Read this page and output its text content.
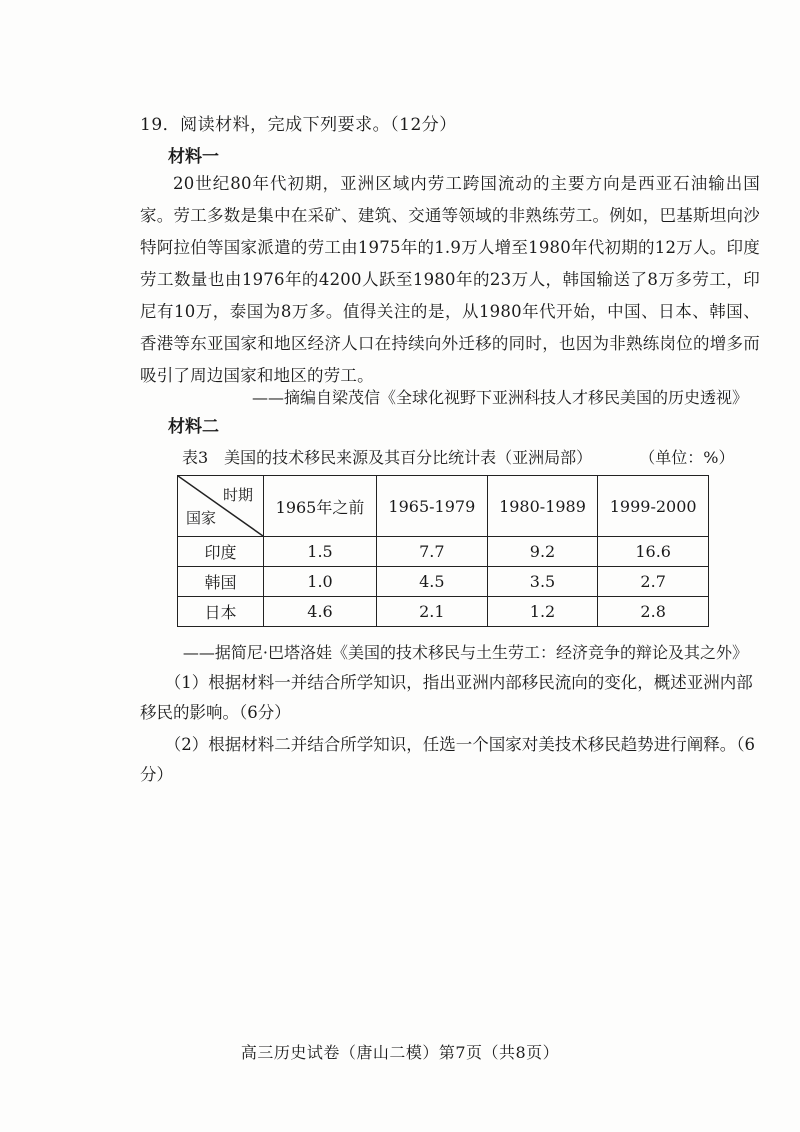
19．阅读材料，完成下列要求。（12分）
材料一
20世纪80年代初期，亚洲区域内劳工跨国流动的主要方向是西亚石油输出国家。劳工多数是集中在采矿、建筑、交通等领域的非熟练劳工。例如，巴基斯坦向沙特阿拉伯等国家派遣的劳工由1975年的1.9万人增至1980年代初期的12万人。印度劳工数量也由1976年的4200人跃至1980年的23万人，韩国输送了8万多劳工，印尼有10万，泰国为8万多。值得关注的是，从1980年代开始，中国、日本、韩国、香港等东亚国家和地区经济人口在持续向外迁移的同时，也因为非熟练岗位的增多而吸引了周边国家和地区的劳工。
——摘编自梁茂信《全球化视野下亚洲科技人才移民美国的历史透视》
材料二
表3　美国的技术移民来源及其百分比统计表（亚洲局部）	（单位：%）
时期
国家	1965年之前	1965-1979	1980-1989	1999-2000
印度	1.5	7.7	9.2	16.6
韩国	1.0	4.5	3.5	2.7
日本	4.6	2.1	1.2	2.8
——据简尼·巴塔洛娃《美国的技术移民与土生劳工：经济竞争的辩论及其之外》
（1）根据材料一并结合所学知识，指出亚洲内部移民流向的变化，概述亚洲内部移民的影响。（6分）
（2）根据材料二并结合所学知识，任选一个国家对美技术移民趋势进行阐释。（6分）
高三历史试卷（唐山二模）第7页（共8页）
